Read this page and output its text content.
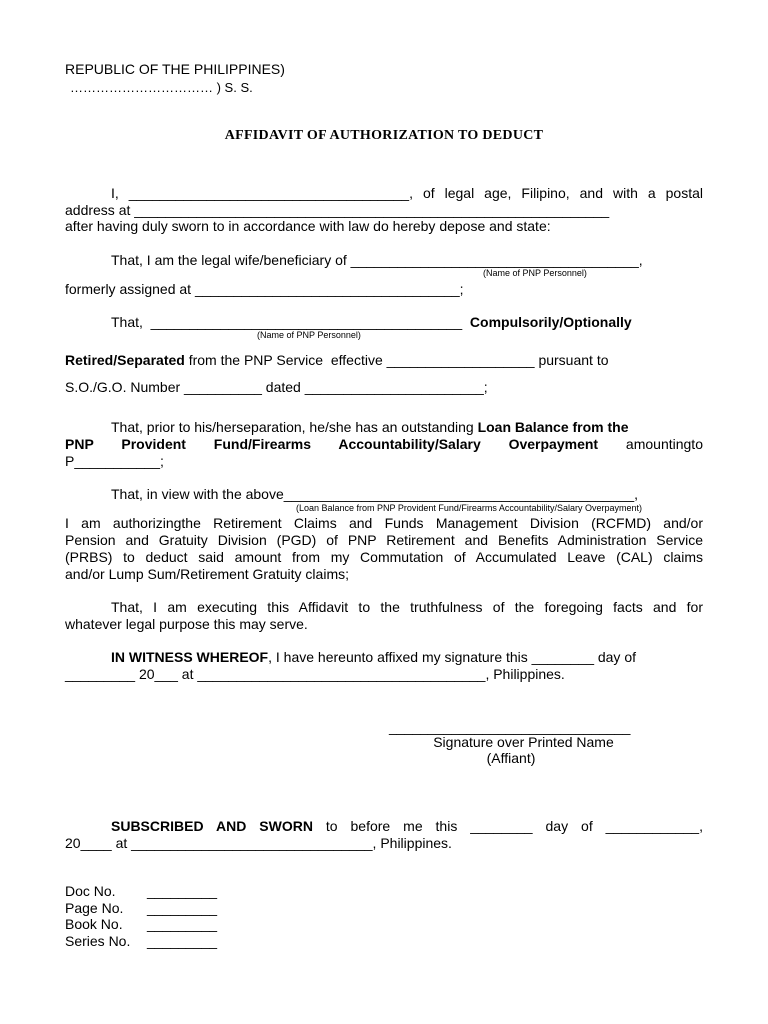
REPUBLIC OF THE PHILIPPINES)
…………………………… ) S. S.
AFFIDAVIT OF AUTHORIZATION TO DEDUCT
I, ____________________________________, of legal age, Filipino, and with a postal
address at _____________________________________________________________
after having duly sworn to in accordance with law do hereby depose and state:
That, I am the legal wife/beneficiary of _____________________________________,
(Name of PNP Personnel)
formerly assigned at __________________________________;
That,  ________________________________________  Compulsorily/Optionally
(Name of PNP Personnel)
Retired/Separated from the PNP Service  effective ___________________ pursuant to
S.O./G.O. Number __________ dated _______________________;
That, prior to his/herseparation, he/she has an outstanding Loan Balance from the
PNP Provident Fund/Firearms Accountability/Salary Overpayment amountingto
P___________;
That, in view with the above_____________________________________________,
(Loan Balance from PNP Provident Fund/Firearms Accountability/Salary Overpayment)
I am authorizingthe Retirement Claims and Funds Management Division (RCFMD) and/or
Pension and Gratuity Division (PGD) of PNP Retirement and Benefits Administration Service
(PRBS) to deduct said amount from my Commutation of Accumulated Leave (CAL) claims
and/or Lump Sum/Retirement Gratuity claims;
That, I am executing this Affidavit to the truthfulness of the foregoing facts and for
whatever legal purpose this may serve.
IN WITNESS WHEREOF, I have hereunto affixed my signature this ________ day of
_________ 20___ at _____________________________________, Philippines.
_______________________________
Signature over Printed Name
(Affiant)
SUBSCRIBED AND SWORN to before me this ________ day of ____________,
20____ at _______________________________, Philippines.
Doc No. _________
Page No. _________
Book No. _________
Series No. _________
